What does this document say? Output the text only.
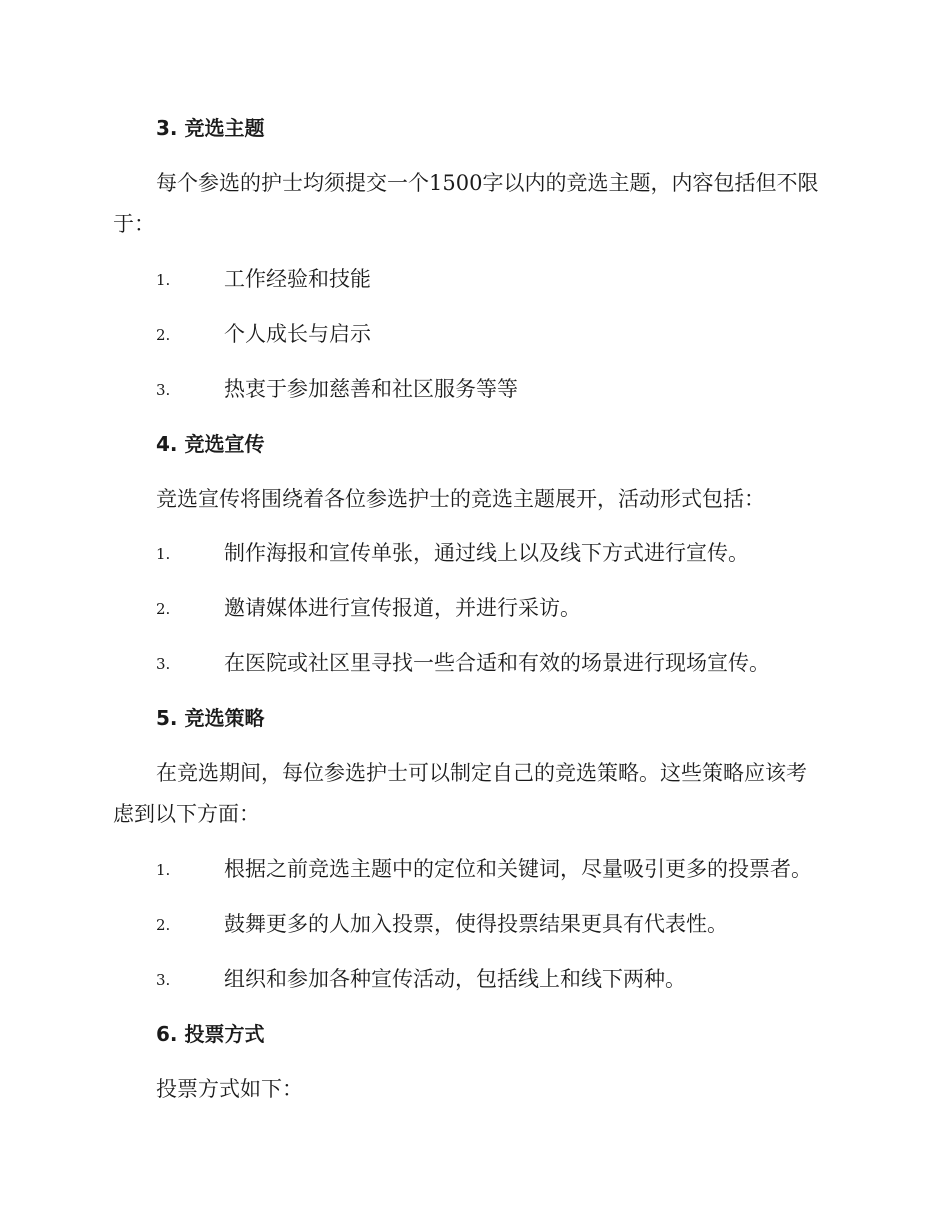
3. 竞选主题
每个参选的护士均须提交一个1500字以内的竞选主题，内容包括但不限
于：
1.	工作经验和技能
2.	个人成长与启示
3.	热衷于参加慈善和社区服务等等
4. 竞选宣传
竞选宣传将围绕着各位参选护士的竞选主题展开，活动形式包括：
1.	制作海报和宣传单张，通过线上以及线下方式进行宣传。
2.	邀请媒体进行宣传报道，并进行采访。
3.	在医院或社区里寻找一些合适和有效的场景进行现场宣传。
5. 竞选策略
在竞选期间，每位参选护士可以制定自己的竞选策略。这些策略应该考
虑到以下方面：
1.	根据之前竞选主题中的定位和关键词，尽量吸引更多的投票者。
2.	鼓舞更多的人加入投票，使得投票结果更具有代表性。
3.	组织和参加各种宣传活动，包括线上和线下两种。
6. 投票方式
投票方式如下：
